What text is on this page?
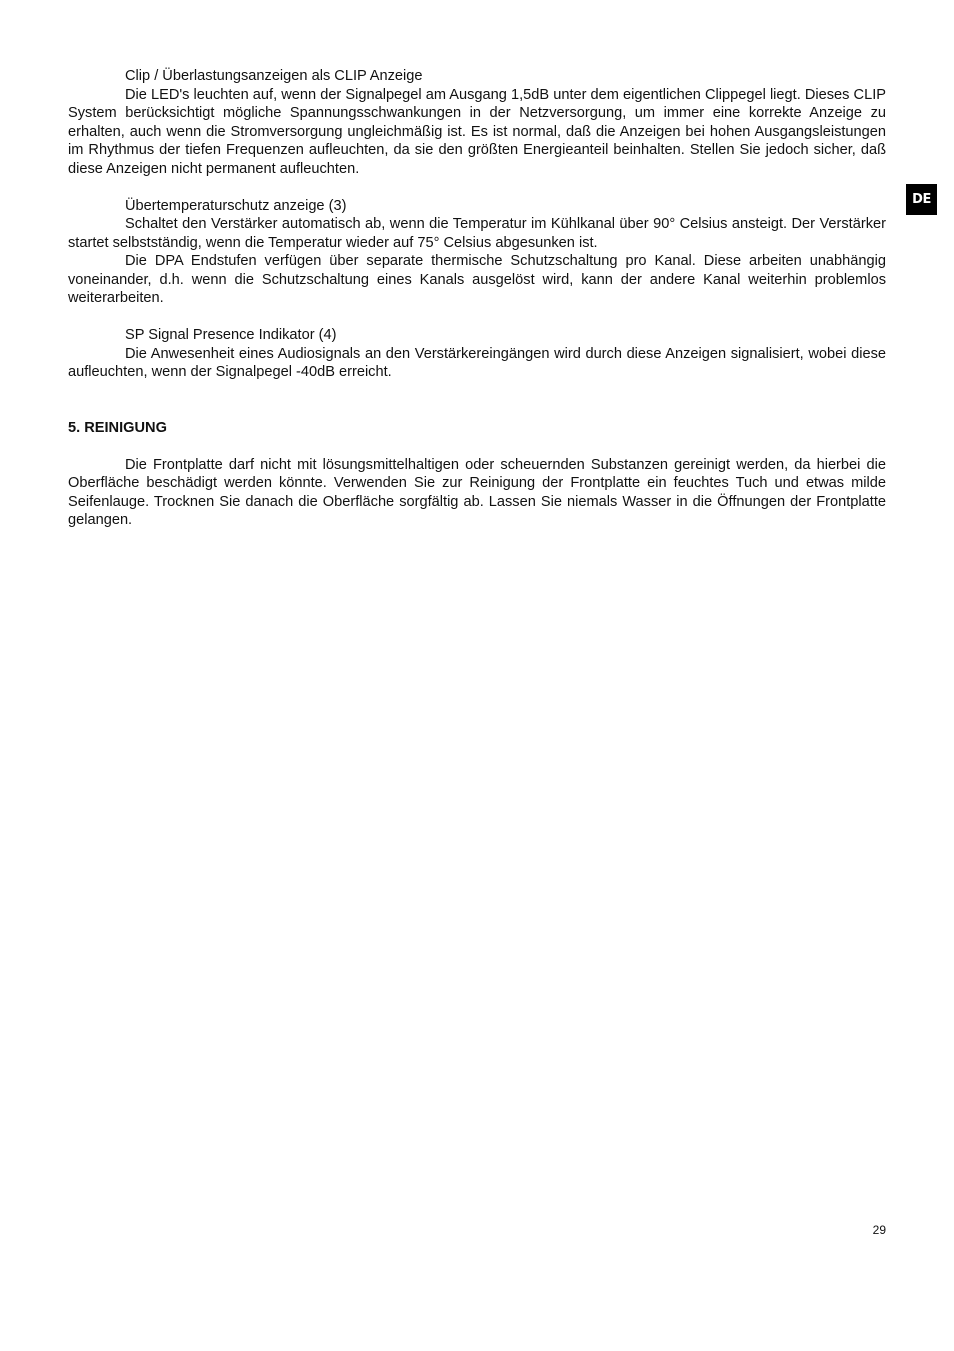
Clip / Überlastungsanzeigen als CLIP Anzeige

Die LED's leuchten auf, wenn der Signalpegel am Ausgang 1,5dB unter dem eigentlichen Clippegel liegt. Dieses CLIP System berücksichtigt mögliche Spannungsschwankungen in der Netzversorgung, um immer eine korrekte Anzeige zu erhalten, auch wenn die Stromversorgung ungleichmäßig ist. Es ist normal, daß die Anzeigen bei hohen Ausgangsleistungen im Rhythmus der tiefen Frequenzen aufleuchten, da sie den größten Energieanteil beinhalten. Stellen Sie jedoch sicher, daß diese Anzeigen nicht permanent aufleuchten.

Übertemperaturschutz anzeige (3)

Schaltet den Verstärker automatisch ab, wenn die Temperatur im Kühlkanal über 90° Celsius ansteigt. Der Verstärker startet selbstständig, wenn die Temperatur wieder auf 75° Celsius abgesunken ist.

Die DPA Endstufen verfügen über separate thermische Schutzschaltung pro Kanal. Diese arbeiten unabhängig voneinander, d.h. wenn die Schutzschaltung eines Kanals ausgelöst wird, kann der andere Kanal weiterhin problemlos weiterarbeiten.

SP Signal Presence Indikator (4)

Die Anwesenheit eines Audiosignals an den Verstärkereingängen wird durch diese Anzeigen signalisiert, wobei diese aufleuchten, wenn der Signalpegel -40dB erreicht.

5. REINIGUNG

Die Frontplatte darf nicht mit lösungsmittelhaltigen oder scheuernden Substanzen gereinigt werden, da hierbei die Oberfläche beschädigt werden könnte. Verwenden Sie zur Reinigung der Frontplatte ein feuchtes Tuch und etwas milde Seifenlauge. Trocknen Sie danach die Oberfläche sorgfältig ab. Lassen Sie niemals Wasser in die Öffnungen der Frontplatte gelangen.

DE
29
